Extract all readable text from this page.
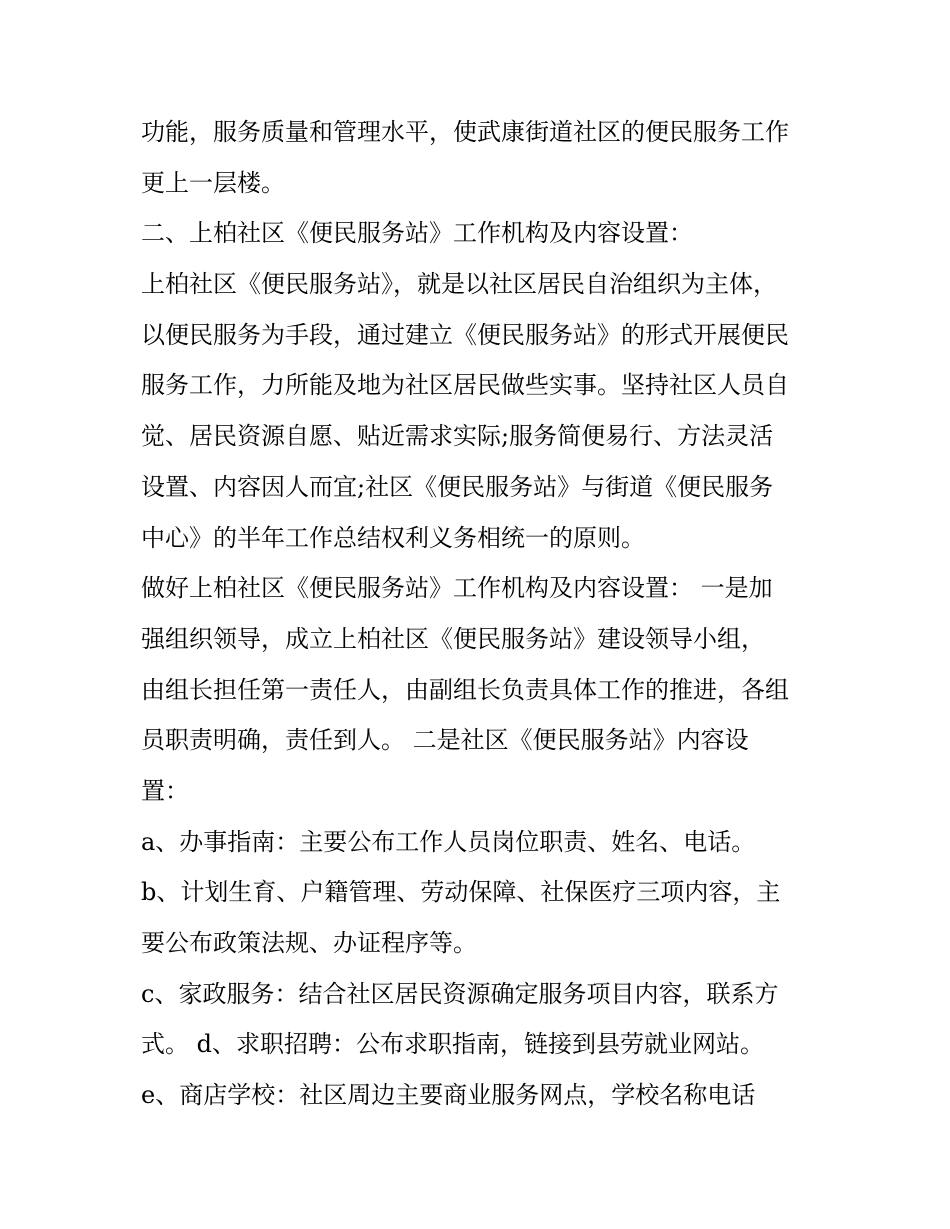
功能，服务质量和管理水平，使武康街道社区的便民服务工作
更上一层楼。
二、上柏社区《便民服务站》工作机构及内容设置：
上柏社区《便民服务站》，就是以社区居民自治组织为主体，
以便民服务为手段，通过建立《便民服务站》的形式开展便民
服务工作，力所能及地为社区居民做些实事。坚持社区人员自
觉、居民资源自愿、贴近需求实际;服务简便易行、方法灵活
设置、内容因人而宜;社区《便民服务站》与街道《便民服务
中心》的半年工作总结权利义务相统一的原则。
做好上柏社区《便民服务站》工作机构及内容设置： 一是加
强组织领导，成立上柏社区《便民服务站》建设领导小组，
由组长担任第一责任人，由副组长负责具体工作的推进，各组
员职责明确，责任到人。 二是社区《便民服务站》内容设
置：
a、办事指南：主要公布工作人员岗位职责、姓名、电话。
b、计划生育、户籍管理、劳动保障、社保医疗三项内容，主
要公布政策法规、办证程序等。
c、家政服务：结合社区居民资源确定服务项目内容，联系方
式。 d、求职招聘：公布求职指南，链接到县劳就业网站。
e、商店学校：社区周边主要商业服务网点，学校名称电话
